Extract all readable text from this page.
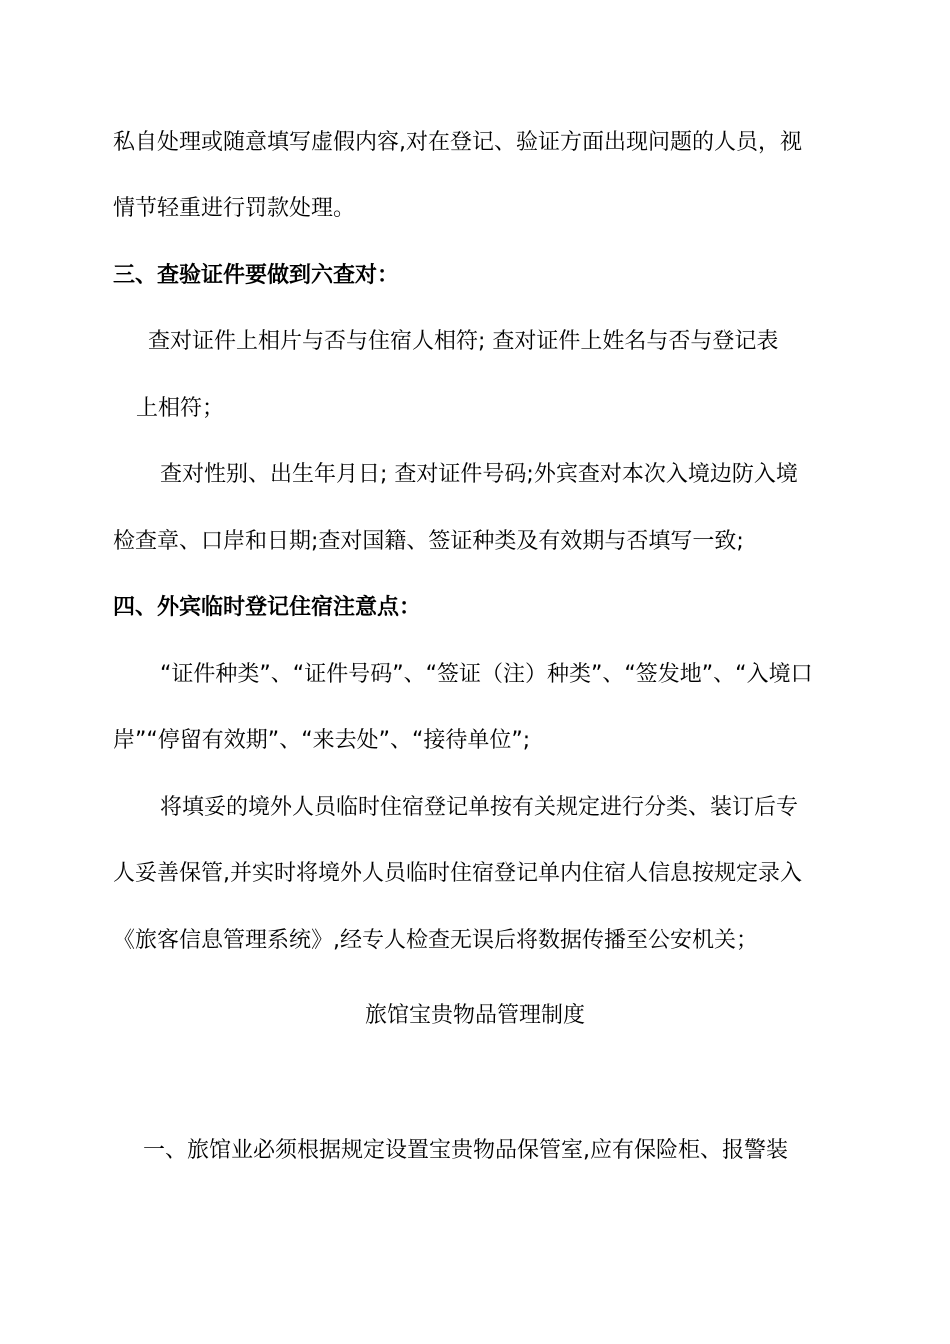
私自处理或随意填写虚假内容,对在登记、验证方面出现问题的人员，视
情节轻重进行罚款处理。
三、查验证件要做到六查对：
查对证件上相片与否与住宿人相符; 查对证件上姓名与否与登记表
上相符；
查对性别、出生年月日; 查对证件号码;外宾查对本次入境边防入境
检查章、口岸和日期;查对国籍、签证种类及有效期与否填写一致;
四、外宾临时登记住宿注意点：
“证件种类”、“证件号码”、“签证（注）种类”、“签发地”、“入境口
岸”“停留有效期”、“来去处”、“接待单位”;
将填妥的境外人员临时住宿登记单按有关规定进行分类、装订后专
人妥善保管,并实时将境外人员临时住宿登记单内住宿人信息按规定录入
《旅客信息管理系统》,经专人检查无误后将数据传播至公安机关；
旅馆宝贵物品管理制度
一、旅馆业必须根据规定设置宝贵物品保管室,应有保险柜、报警装
